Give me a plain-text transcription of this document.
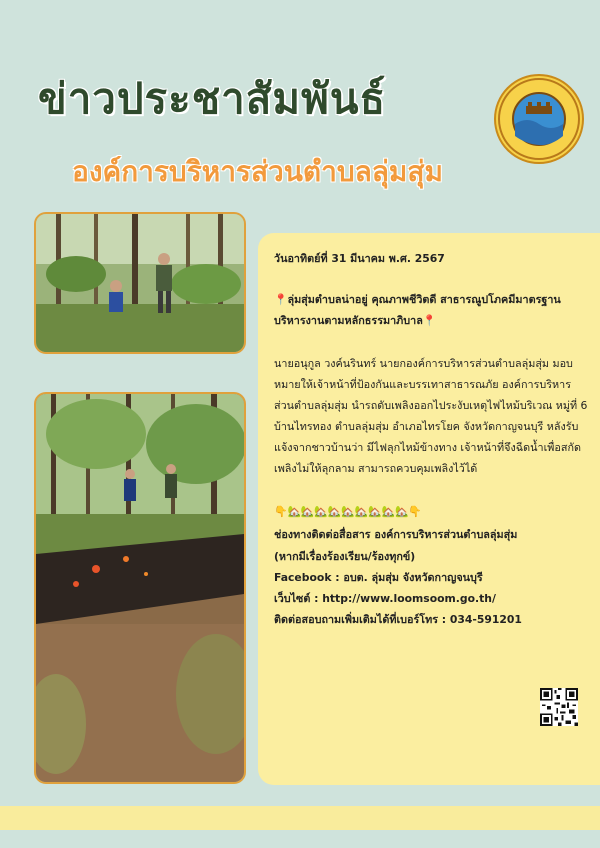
ข่าวประชาสัมพันธ์
องค์การบริหารส่วนตำบลลุ่มสุ่ม

วันอาทิตย์ที่ 31 มีนาคม พ.ศ. 2567

📍ลุ่มสุ่มตำบลน่าอยู่ คุณภาพชีวิตดี สาธารณูปโภคมีมาตรฐาน บริหารงานตามหลักธรรมาภิบาล📍

นายอนุกูล วงค์นรินทร์ นายกองค์การบริหารส่วนตำบลลุ่มสุ่ม มอบหมายให้เจ้าหน้าที่ป้องกันและบรรเทาสาธารณภัย องค์การบริหารส่วนตำบลลุ่มสุ่ม นำรถดับเพลิงออกไประงับเหตุไฟไหม้บริเวณ หมู่ที่ 6 บ้านไทรทอง ตำบลลุ่มสุ่ม อำเภอไทรโยค จังหวัดกาญจนบุรี หลังรับแจ้งจากชาวบ้านว่า มีไฟลุกไหม้ข้างทาง เจ้าหน้าที่จึงฉีดน้ำเพื่อสกัดเพลิงไม่ให้ลุกลาม สามารถควบคุมเพลิงไว้ได้

👇🏡🏡🏡🏡🏡🏡🏡🏡🏡👇

ช่องทางติดต่อสื่อสาร องค์การบริหารส่วนตำบลลุ่มสุ่ม

(หากมีเรื่องร้องเรียน/ร้องทุกข์)

Facebook : อบต. ลุ่มสุ่ม จังหวัดกาญจนบุรี

เว็บไซต์ : http://www.loomsoom.go.th/

ติดต่อสอบถามเพิ่มเติมได้ที่เบอร์โทร : 034-591201
